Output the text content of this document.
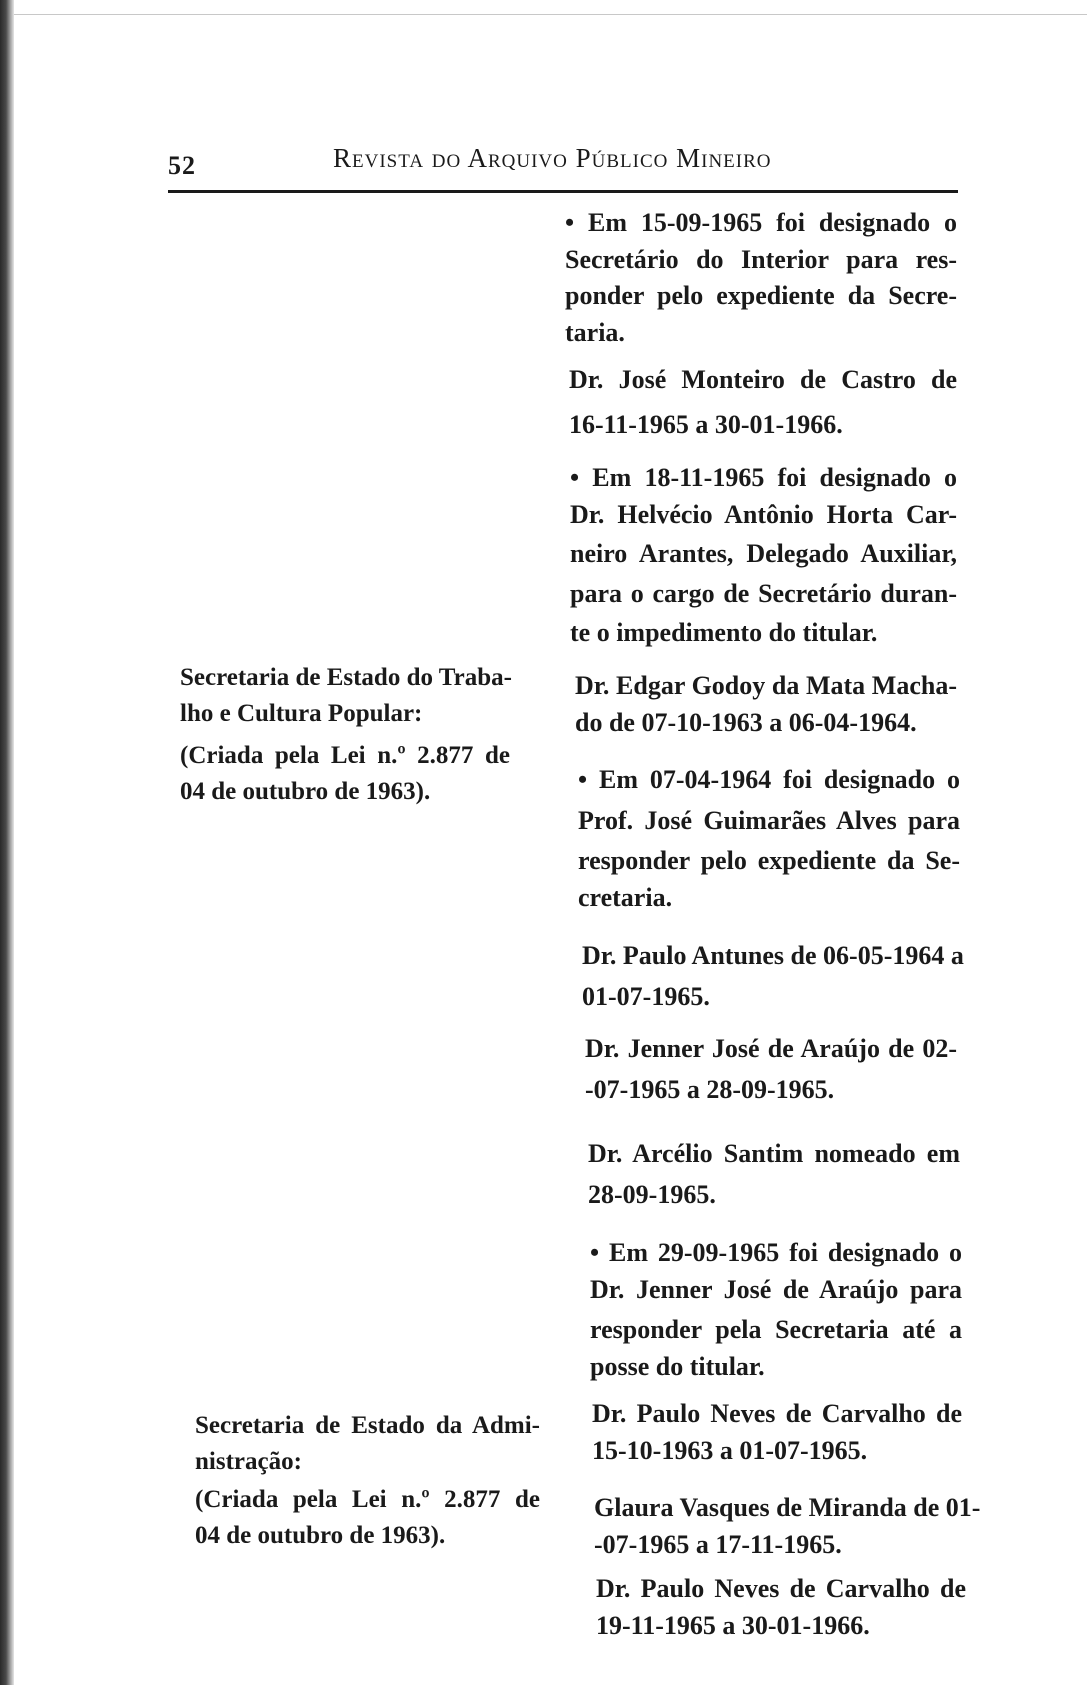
52	Revista do Arquivo Público Mineiro
Secretaria de Estado do Traba-
lho e Cultura Popular:
(Criada pela Lei n.º 2.877 de
04 de outubro de 1963).
Secretaria de Estado da Admi-
nistração:
(Criada pela Lei n.º 2.877 de
04 de outubro de 1963).
• Em 15-09-1965 foi designado o
Secretário do Interior para res-
ponder pelo expediente da Secre-
taria.
Dr. José Monteiro de Castro de
16-11-1965 a 30-01-1966.
• Em 18-11-1965 foi designado o
Dr. Helvécio Antônio Horta Car-
neiro Arantes, Delegado Auxiliar,
para o cargo de Secretário duran-
te o impedimento do titular.
Dr. Edgar Godoy da Mata Macha-
do de 07-10-1963 a 06-04-1964.
• Em 07-04-1964 foi designado o
Prof. José Guimarães Alves para
responder pelo expediente da Se-
cretaria.
Dr. Paulo Antunes de 06-05-1964 a
01-07-1965.
Dr. Jenner José de Araújo de 02-
-07-1965 a 28-09-1965.
Dr. Arcélio Santim nomeado em
28-09-1965.
• Em 29-09-1965 foi designado o
Dr. Jenner José de Araújo para
responder pela Secretaria até a
posse do titular.
Dr. Paulo Neves de Carvalho de
15-10-1963 a 01-07-1965.
Glaura Vasques de Miranda de 01-
-07-1965 a 17-11-1965.
Dr. Paulo Neves de Carvalho de
19-11-1965 a 30-01-1966.
